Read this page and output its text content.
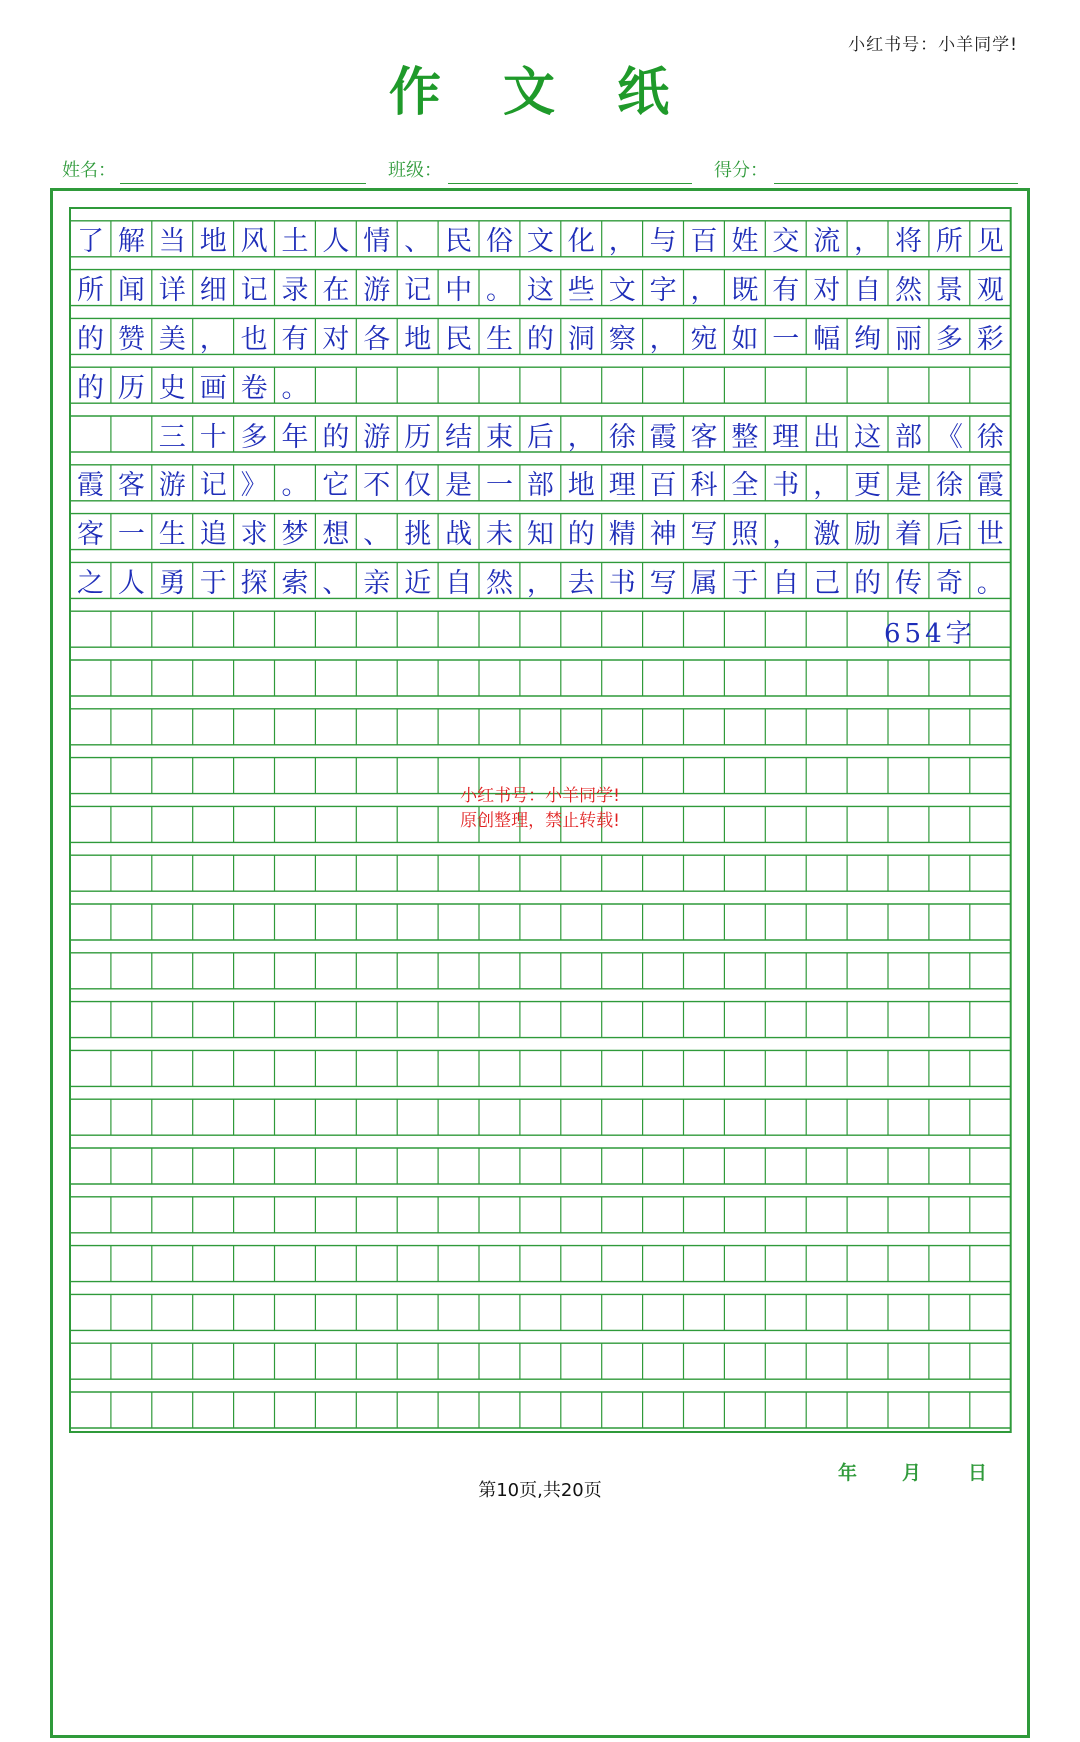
小红书号：小羊同学!
作 文 纸
姓名：	班级：	得分：
了 解 当 地 风 土 人 情 、 民 俗 文 化 ， 与 百 姓 交 流 ， 将 所 见
所 闻 详 细 记 录 在 游 记 中 。 这 些 文 字 ， 既 有 对 自 然 景 观
的 赞 美 ， 也 有 对 各 地 民 生 的 洞 察 ， 宛 如 一 幅 绚 丽 多 彩
的 历 史 画 卷 。
三 十 多 年 的 游 历 结 束 后 ， 徐 霞 客 整 理 出 这 部 《 徐
霞 客 游 记 》 。 它 不 仅 是 一 部 地 理 百 科 全 书 ， 更 是 徐 霞
客 一 生 追 求 梦 想 、 挑 战 未 知 的 精 神 写 照 ， 激 励 着 后 世
之 人 勇 于 探 索 、 亲 近 自 然 ， 去 书 写 属 于 自 己 的 传 奇 。
654字
小红书号：小羊同学!
原创整理，禁止转载!
年 月 日
第10页,共20页
